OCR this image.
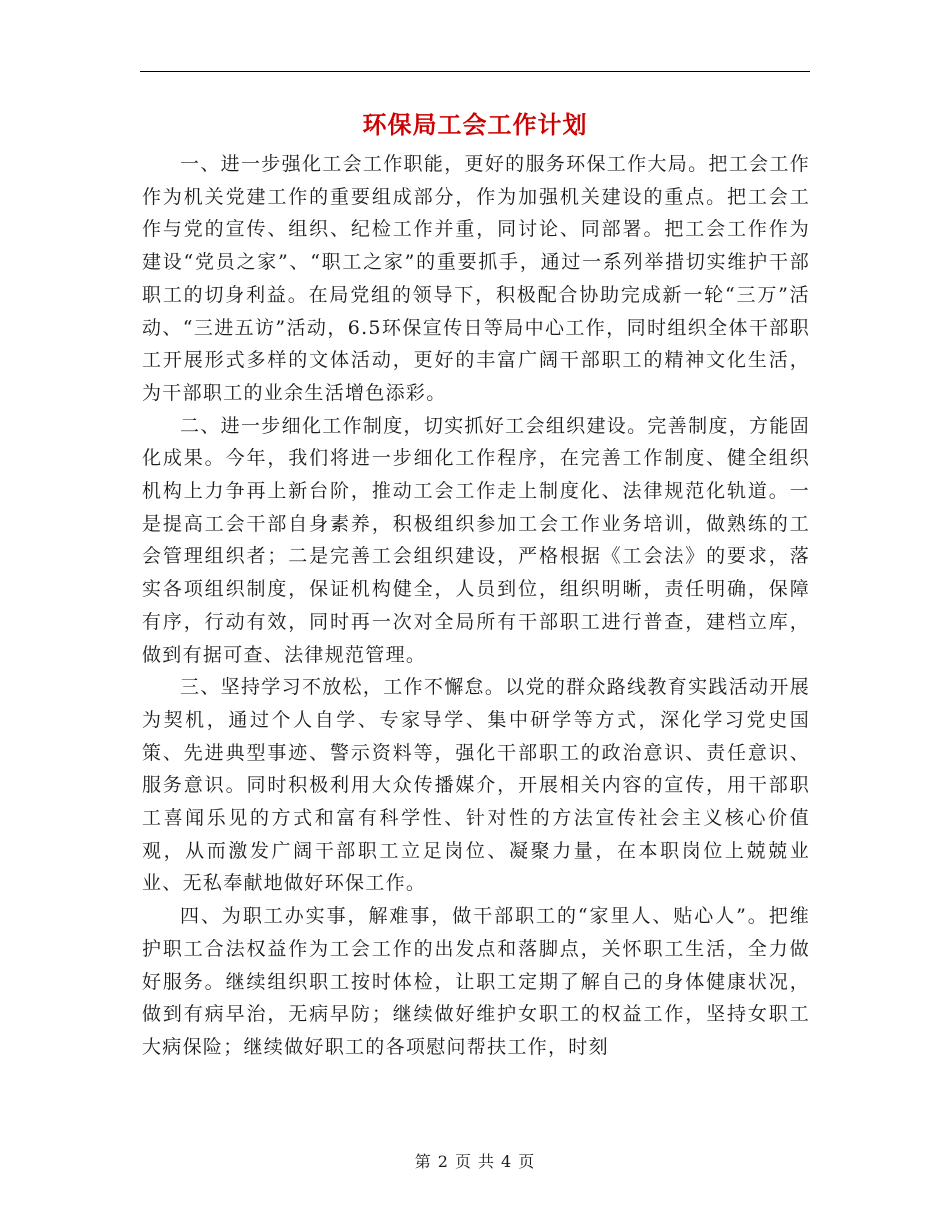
环保局工会工作计划

一、进一步强化工会工作职能，更好的服务环保工作大局。把工会工作作为机关党建工作的重要组成部分，作为加强机关建设的重点。把工会工作与党的宣传、组织、纪检工作并重，同讨论、同部署。把工会工作作为建设“党员之家”、“职工之家”的重要抓手，通过一系列举措切实维护干部职工的切身利益。在局党组的领导下，积极配合协助完成新一轮“三万”活动、“三进五访”活动，6.5环保宣传日等局中心工作，同时组织全体干部职工开展形式多样的文体活动，更好的丰富广阔干部职工的精神文化生活，为干部职工的业余生活增色添彩。

二、进一步细化工作制度，切实抓好工会组织建设。完善制度，方能固化成果。今年，我们将进一步细化工作程序，在完善工作制度、健全组织机构上力争再上新台阶，推动工会工作走上制度化、法律规范化轨道。一是提高工会干部自身素养，积极组织参加工会工作业务培训，做熟练的工会管理组织者；二是完善工会组织建设，严格根据《工会法》的要求，落实各项组织制度，保证机构健全，人员到位，组织明晰，责任明确，保障有序，行动有效，同时再一次对全局所有干部职工进行普查，建档立库，做到有据可查、法律规范管理。

三、坚持学习不放松，工作不懈怠。以党的群众路线教育实践活动开展为契机，通过个人自学、专家导学、集中研学等方式，深化学习党史国策、先进典型事迹、警示资料等，强化干部职工的政治意识、责任意识、服务意识。同时积极利用大众传播媒介，开展相关内容的宣传，用干部职工喜闻乐见的方式和富有科学性、针对性的方法宣传社会主义核心价值观，从而激发广阔干部职工立足岗位、凝聚力量，在本职岗位上兢兢业业、无私奉献地做好环保工作。

四、为职工办实事，解难事，做干部职工的“家里人、贴心人”。把维护职工合法权益作为工会工作的出发点和落脚点，关怀职工生活，全力做好服务。继续组织职工按时体检，让职工定期了解自己的身体健康状况，做到有病早治，无病早防；继续做好维护女职工的权益工作，坚持女职工大病保险；继续做好职工的各项慰问帮扶工作，时刻

第 2 页 共 4 页
